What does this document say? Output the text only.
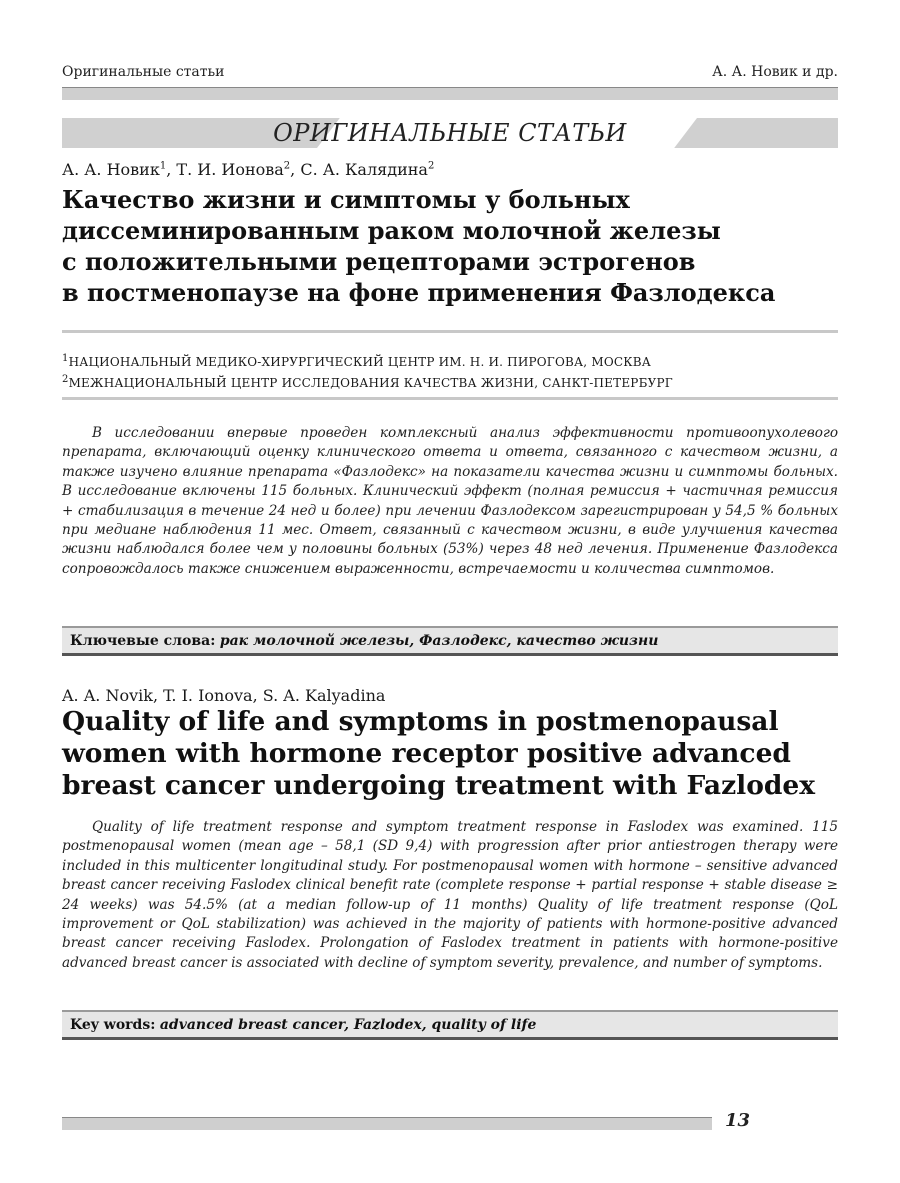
Оригинальные статьи	А. А. Новик и др.
ОРИГИНАЛЬНЫЕ СТАТЬИ
А. А. Новик$^1$, Т. И. Ионова$^2$, С. А. Калядина$^2$
Качество жизни и симптомы у больных
диссеминированным раком молочной железы
с положительными рецепторами эстрогенов
в постменопаузе на фоне применения Фазлодекса
$^1$НАЦИОНАЛЬНЫЙ МЕДИКО-ХИРУРГИЧЕСКИЙ ЦЕНТР ИМ. Н. И. ПИРОГОВА, МОСКВА
$^2$МЕЖНАЦИОНАЛЬНЫЙ ЦЕНТР ИССЛЕДОВАНИЯ КАЧЕСТВА ЖИЗНИ, САНКТ-ПЕТЕРБУРГ
В исследовании впервые проведен комплексный анализ эффективности противоопухолевого препарата, включающий оценку клинического ответа и ответа, связанного с качеством жизни, а также изучено влияние препарата «Фазлодекс» на показатели качества жизни и симптомы больных. В исследование включены 115 больных. Клинический эффект (полная ремиссия + частичная ремиссия + стабилизация в течение 24 нед и более) при лечении Фазлодексом зарегистрирован у 54,5 % больных при медиане наблюдения 11 мес. Ответ, связанный с качеством жизни, в виде улучшения качества жизни наблюдался более чем у половины больных (53%) через 48 нед лечения. Применение Фазлодекса сопровождалось также снижением выраженности, встречаемости и количества симптомов.
Ключевые слова: рак молочной железы, Фазлодекс, качество жизни
A. A. Novik, T. I. Ionova, S. A. Kalyadina
Quality of life and symptoms in postmenopausal
women with hormone receptor positive advanced
breast cancer undergoing treatment with Fazlodex
Quality of life treatment response and symptom treatment response in Faslodex was examined. 115 postmenopausal women (mean age – 58,1 (SD 9,4) with progression after prior antiestrogen therapy were included in this multicenter longitudinal study. For postmenopausal women with hormone – sensitive advanced breast cancer receiving Faslodex clinical benefit rate (complete response + partial response + stable disease ≥ 24 weeks) was 54.5% (at a median follow-up of 11 months) Quality of life treatment response (QoL improvement or QoL stabilization) was achieved in the majority of patients with hormone-positive advanced breast cancer receiving Faslodex. Prolongation of Faslodex treatment in patients with hormone-positive advanced breast cancer is associated with decline of symptom severity, prevalence, and number of symptoms.
Key words: advanced breast cancer, Fazlodex, quality of life
13
